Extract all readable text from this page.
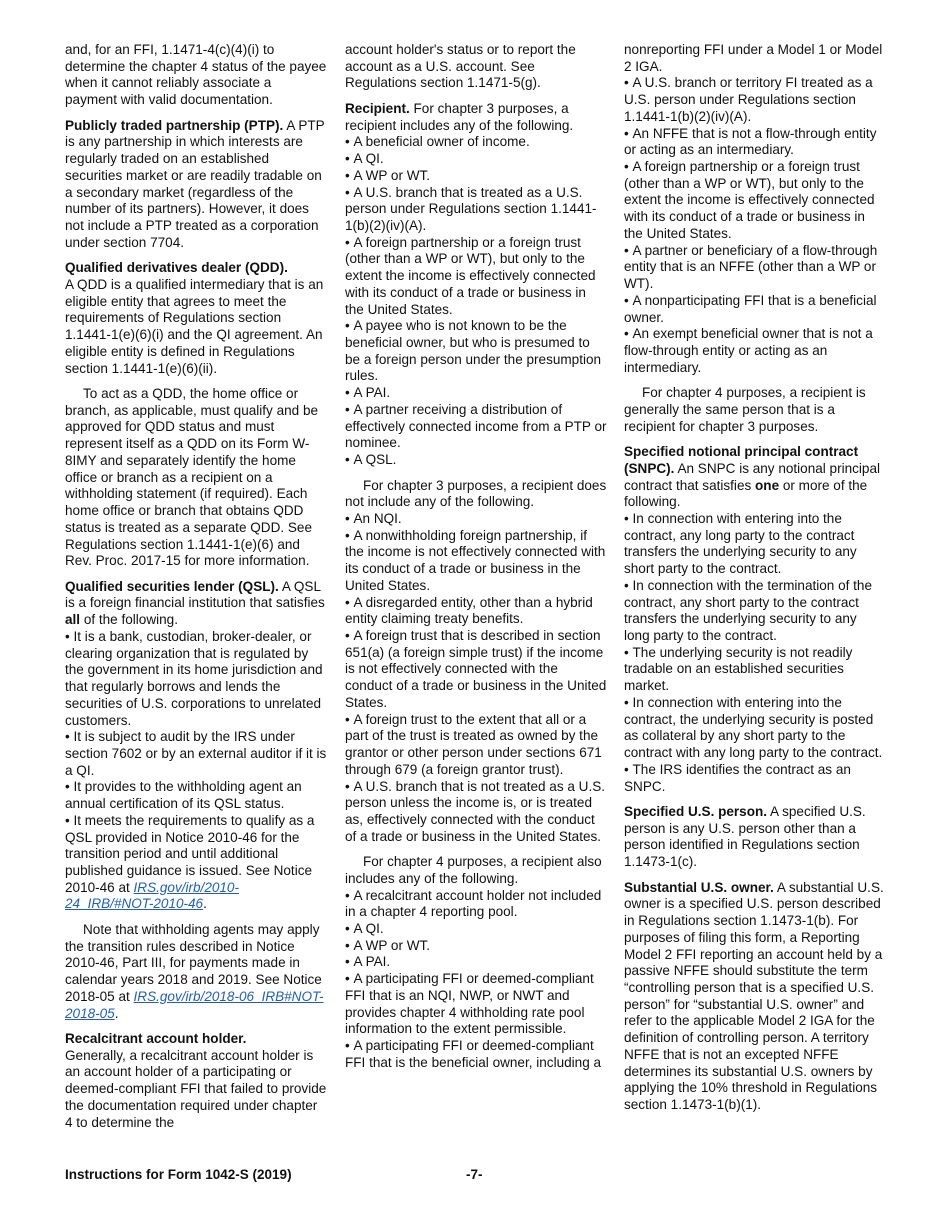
and, for an FFI, 1.1471-4(c)(4)(i) to determine the chapter 4 status of the payee when it cannot reliably associate a payment with valid documentation.

Publicly traded partnership (PTP). A PTP is any partnership in which interests are regularly traded on an established securities market or are readily tradable on a secondary market (regardless of the number of its partners). However, it does not include a PTP treated as a corporation under section 7704.

Qualified derivatives dealer (QDD).
A QDD is a qualified intermediary that is an eligible entity that agrees to meet the requirements of Regulations section 1.1441-1(e)(6)(i) and the QI agreement. An eligible entity is defined in Regulations section 1.1441-1(e)(6)(ii).

To act as a QDD, the home office or branch, as applicable, must qualify and be approved for QDD status and must represent itself as a QDD on its Form W-8IMY and separately identify the home office or branch as a recipient on a withholding statement (if required). Each home office or branch that obtains QDD status is treated as a separate QDD. See Regulations section 1.1441-1(e)(6) and Rev. Proc. 2017-15 for more information.

Qualified securities lender (QSL). A QSL is a foreign financial institution that satisfies all of the following.

• It is a bank, custodian, broker-dealer, or clearing organization that is regulated by the government in its home jurisdiction and that regularly borrows and lends the securities of U.S. corporations to unrelated customers.

• It is subject to audit by the IRS under section 7602 or by an external auditor if it is a QI.

• It provides to the withholding agent an annual certification of its QSL status.

• It meets the requirements to qualify as a QSL provided in Notice 2010-46 for the transition period and until additional published guidance is issued. See Notice 2010-46 at IRS.gov/irb/2010-24_IRB/#NOT-2010-46.

Note that withholding agents may apply the transition rules described in Notice 2010-46, Part III, for payments made in calendar years 2018 and 2019. See Notice 2018-05 at IRS.gov/irb/2018-06_IRB#NOT-2018-05.

Recalcitrant account holder.
Generally, a recalcitrant account holder is an account holder of a participating or deemed-compliant FFI that failed to provide the documentation required under chapter 4 to determine the

account holder's status or to report the account as a U.S. account. See Regulations section 1.1471-5(g).

Recipient. For chapter 3 purposes, a recipient includes any of the following.

• A beneficial owner of income.

• A QI.

• A WP or WT.

• A U.S. branch that is treated as a U.S. person under Regulations section 1.1441-1(b)(2)(iv)(A).

• A foreign partnership or a foreign trust (other than a WP or WT), but only to the extent the income is effectively connected with its conduct of a trade or business in the United States.

• A payee who is not known to be the beneficial owner, but who is presumed to be a foreign person under the presumption rules.

• A PAI.

• A partner receiving a distribution of effectively connected income from a PTP or nominee.

• A QSL.

For chapter 3 purposes, a recipient does not include any of the following.

• An NQI.

• A nonwithholding foreign partnership, if the income is not effectively connected with its conduct of a trade or business in the United States.

• A disregarded entity, other than a hybrid entity claiming treaty benefits.

• A foreign trust that is described in section 651(a) (a foreign simple trust) if the income is not effectively connected with the conduct of a trade or business in the United States.

• A foreign trust to the extent that all or a part of the trust is treated as owned by the grantor or other person under sections 671 through 679 (a foreign grantor trust).

• A U.S. branch that is not treated as a U.S. person unless the income is, or is treated as, effectively connected with the conduct of a trade or business in the United States.

For chapter 4 purposes, a recipient also includes any of the following.

• A recalcitrant account holder not included in a chapter 4 reporting pool.

• A QI.

• A WP or WT.

• A PAI.

• A participating FFI or deemed-compliant FFI that is an NQI, NWP, or NWT and provides chapter 4 withholding rate pool information to the extent permissible.

• A participating FFI or deemed-compliant FFI that is the beneficial owner, including a

nonreporting FFI under a Model 1 or Model 2 IGA.

• A U.S. branch or territory FI treated as a U.S. person under Regulations section 1.1441-1(b)(2)(iv)(A).

• An NFFE that is not a flow-through entity or acting as an intermediary.

• A foreign partnership or a foreign trust (other than a WP or WT), but only to the extent the income is effectively connected with its conduct of a trade or business in the United States.

• A partner or beneficiary of a flow-through entity that is an NFFE (other than a WP or WT).

• A nonparticipating FFI that is a beneficial owner.

• An exempt beneficial owner that is not a flow-through entity or acting as an intermediary.

For chapter 4 purposes, a recipient is generally the same person that is a recipient for chapter 3 purposes.

Specified notional principal contract (SNPC). An SNPC is any notional principal contract that satisfies one or more of the following.

• In connection with entering into the contract, any long party to the contract transfers the underlying security to any short party to the contract.

• In connection with the termination of the contract, any short party to the contract transfers the underlying security to any long party to the contract.

• The underlying security is not readily tradable on an established securities market.

• In connection with entering into the contract, the underlying security is posted as collateral by any short party to the contract with any long party to the contract.

• The IRS identifies the contract as an SNPC.

Specified U.S. person. A specified U.S. person is any U.S. person other than a person identified in Regulations section 1.1473-1(c).

Substantial U.S. owner. A substantial U.S. owner is a specified U.S. person described in Regulations section 1.1473-1(b). For purposes of filing this form, a Reporting Model 2 FFI reporting an account held by a passive NFFE should substitute the term “controlling person that is a specified U.S. person” for “substantial U.S. owner” and refer to the applicable Model 2 IGA for the definition of controlling person. A territory NFFE that is not an excepted NFFE determines its substantial U.S. owners by applying the 10% threshold in Regulations section 1.1473-1(b)(1).

Instructions for Form 1042-S (2019)	-7-
